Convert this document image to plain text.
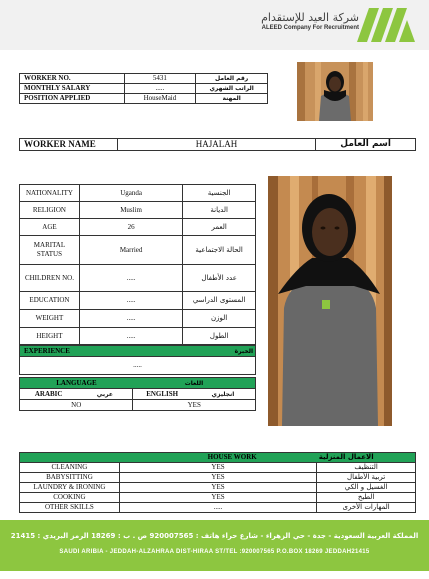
شركة العيد للإستقدام
ALEED Company For Recruitment
WORKER NO.	5431	رقم العامل
MONTHLY SALARY	.....	الراتب الشهري
POSITION APPLIED	HouseMaid	المهنة
WORKER NAME	HAJALAH	اسم العامل
NATIONALITY	Uganda	الجنسية
RELIGION	Muslim	الديانة
AGE	26	العمر
MARITAL STATUS	Married	الحالة الاجتماعية
CHILDREN NO.	.....	عدد الأطفال
EDUCATION	.....	المستوى الدراسي
WEIGHT	.....	الوزن
HEIGHT	.....	الطول
EXPERIENCE	الخبرة
.....
LANGUAGE		اللغات	
ARABIC	عربي	ENGLISH	انجليزي
NO		YES	
HOUSE WORK		الاعمال المنزلية
CLEANING	YES	التنظيف
BABYSITTING	YES	تربية الأطفال
LAUNDRY & IRONING	YES	الغسيل و الكي
COOKING	YES	الطبخ
OTHER SKILLS	.....	المهارات الأخرى
المملكة العربية السعودية - جدة - حي الزهراء - شارع حراء هاتف : 920007565 ص . ب : 18269 الرمز البريدي : 21415
SAUDI ARIBIA - JEDDAH-ALZAHRAA DIST-HIRAA ST/TEL :920007565 P.O.BOX 18269 JEDDAH21415
